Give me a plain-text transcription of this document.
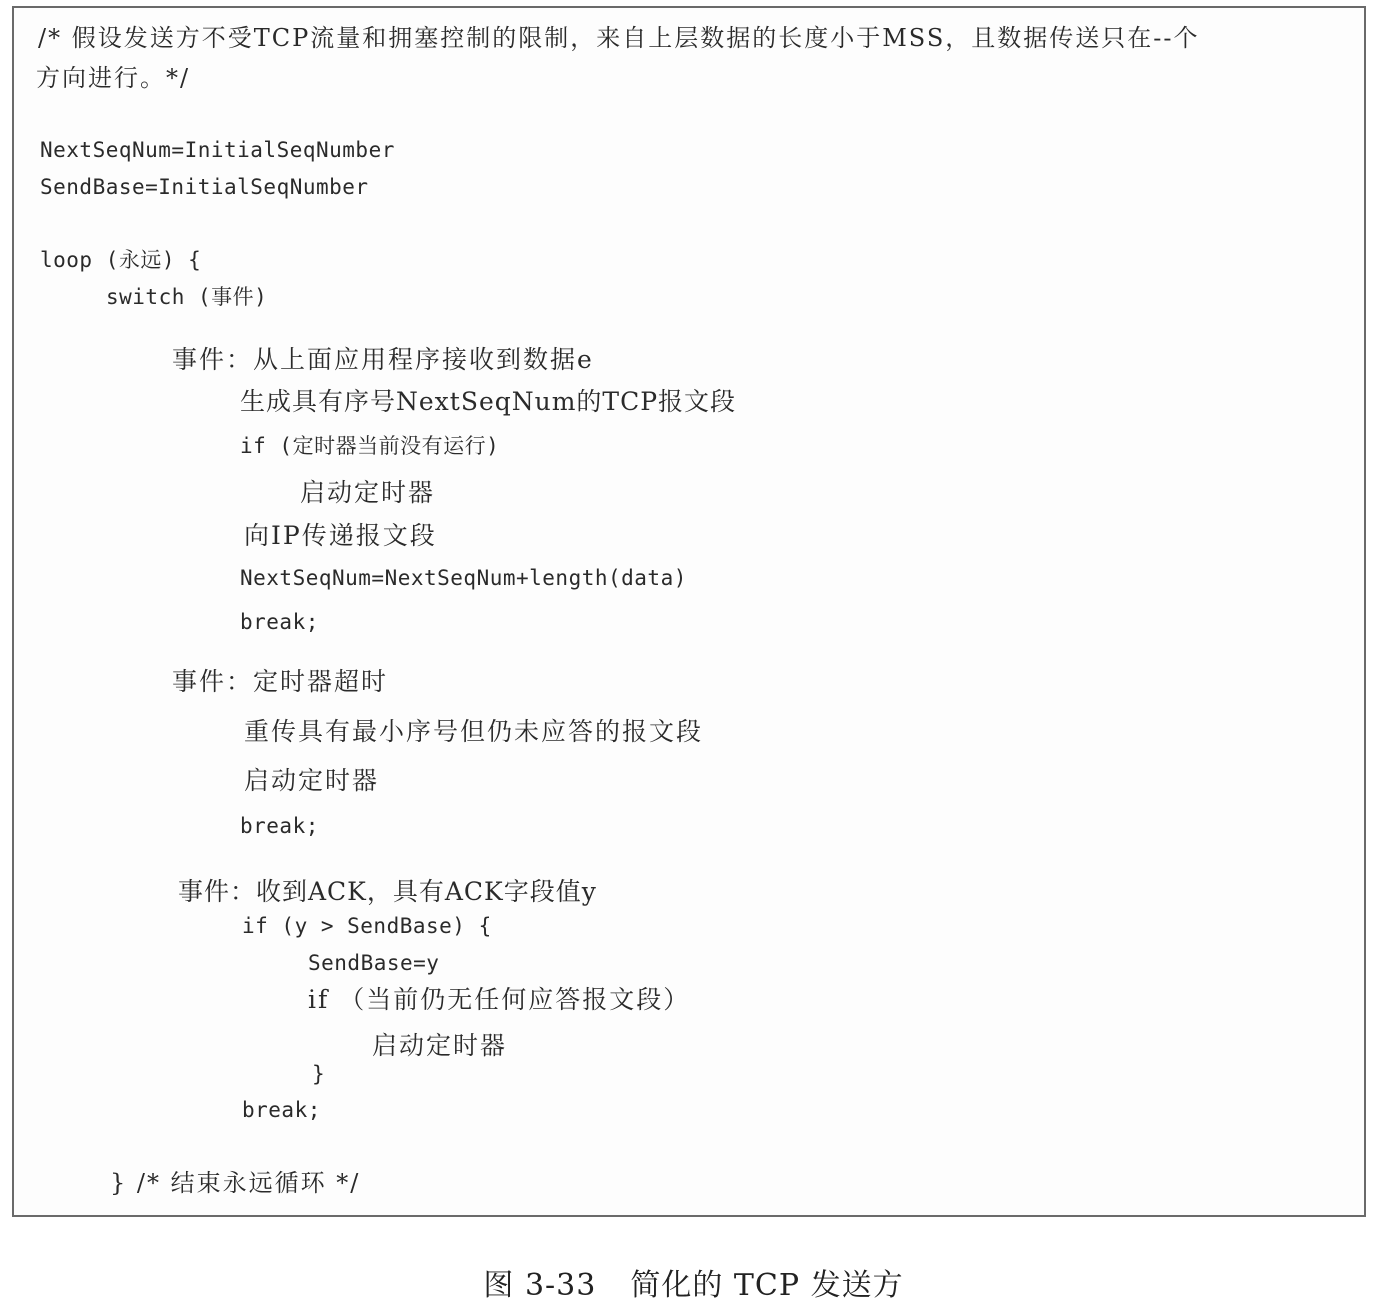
/* 假设发送方不受TCP流量和拥塞控制的限制，来自上层数据的长度小于MSS，且数据传送只在--个
方向进行。*/
NextSeqNum=InitialSeqNumber
SendBase=InitialSeqNumber
loop (永远) {
switch (事件)
事件：从上面应用程序接收到数据e
生成具有序号NextSeqNum的TCP报文段
if (定时器当前没有运行)
启动定时器
向IP传递报文段
NextSeqNum=NextSeqNum+length(data)
break;
事件：定时器超时
重传具有最小序号但仍未应答的报文段
启动定时器
break;
事件：收到ACK，具有ACK字段值y
if (y > SendBase) {
SendBase=y
if （当前仍无任何应答报文段）
启动定时器
}
break;
} /* 结束永远循环 */
图 3-33 简化的 TCP 发送方
